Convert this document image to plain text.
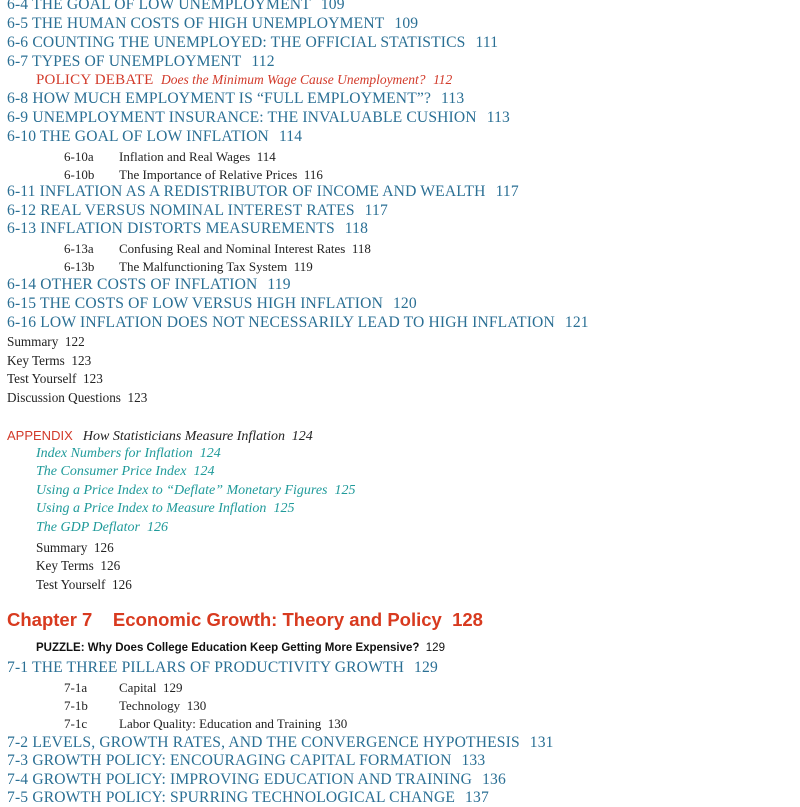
6-4 THE GOAL OF LOW UNEMPLOYMENT 109
6-5 THE HUMAN COSTS OF HIGH UNEMPLOYMENT 109
6-6 COUNTING THE UNEMPLOYED: THE OFFICIAL STATISTICS 111
6-7 TYPES OF UNEMPLOYMENT 112
POLICY DEBATE Does the Minimum Wage Cause Unemployment? 112
6-8 HOW MUCH EMPLOYMENT IS “FULL EMPLOYMENT”? 113
6-9 UNEMPLOYMENT INSURANCE: THE INVALUABLE CUSHION 113
6-10 THE GOAL OF LOW INFLATION 114
6-10a Inflation and Real Wages 114
6-10b The Importance of Relative Prices 116
6-11 INFLATION AS A REDISTRIBUTOR OF INCOME AND WEALTH 117
6-12 REAL VERSUS NOMINAL INTEREST RATES 117
6-13 INFLATION DISTORTS MEASUREMENTS 118
6-13a Confusing Real and Nominal Interest Rates 118
6-13b The Malfunctioning Tax System 119
6-14 OTHER COSTS OF INFLATION 119
6-15 THE COSTS OF LOW VERSUS HIGH INFLATION 120
6-16 LOW INFLATION DOES NOT NECESSARILY LEAD TO HIGH INFLATION 121
Summary 122
Key Terms 123
Test Yourself 123
Discussion Questions 123
APPENDIX How Statisticians Measure Inflation 124
Index Numbers for Inflation 124
The Consumer Price Index 124
Using a Price Index to “Deflate” Monetary Figures 125
Using a Price Index to Measure Inflation 125
The GDP Deflator 126
Summary 126
Key Terms 126
Test Yourself 126
Chapter 7 Economic Growth: Theory and Policy 128
PUZZLE: Why Does College Education Keep Getting More Expensive? 129
7-1 THE THREE PILLARS OF PRODUCTIVITY GROWTH 129
7-1a Capital 129
7-1b Technology 130
7-1c Labor Quality: Education and Training 130
7-2 LEVELS, GROWTH RATES, AND THE CONVERGENCE HYPOTHESIS 131
7-3 GROWTH POLICY: ENCOURAGING CAPITAL FORMATION 133
7-4 GROWTH POLICY: IMPROVING EDUCATION AND TRAINING 136
7-5 GROWTH POLICY: SPURRING TECHNOLOGICAL CHANGE 137
